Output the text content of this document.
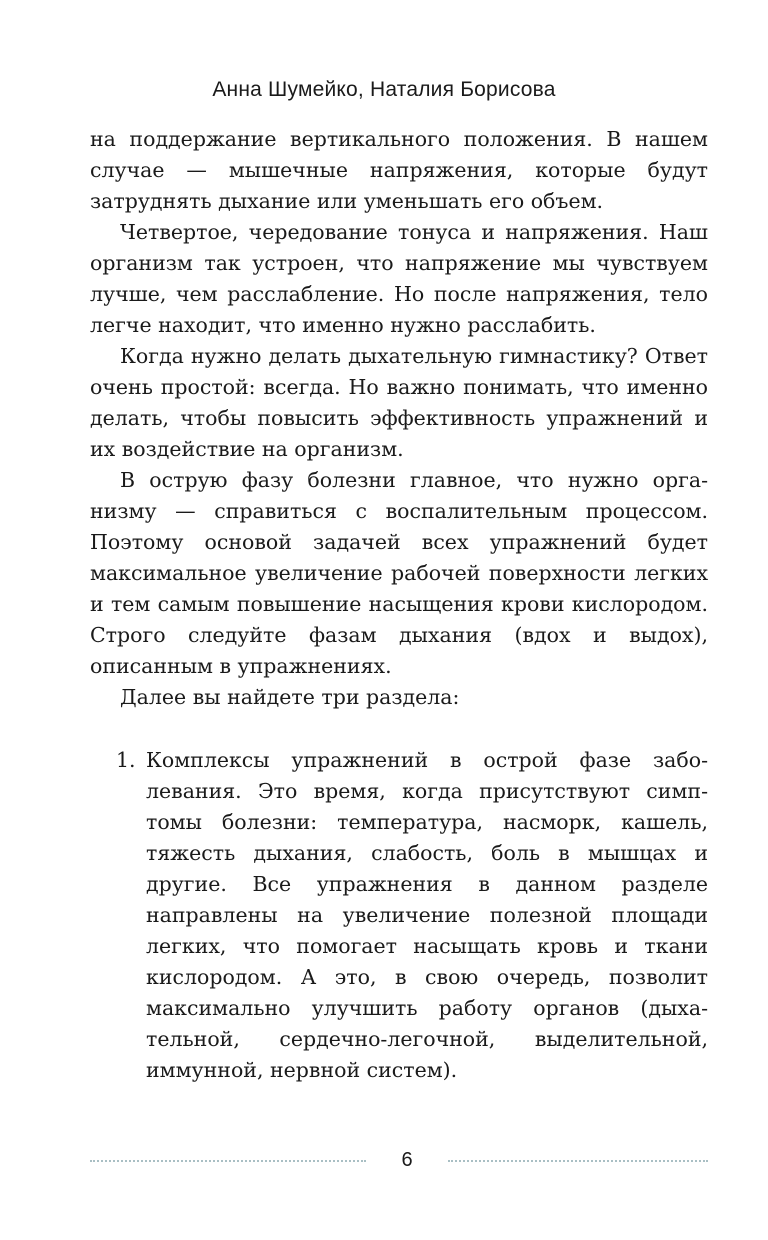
Анна Шумейко, Наталия Борисова

на поддержание вертикального положения. В нашем случае — мышечные напряжения, которые будут затруднять дыхание или уменьшать его объем.

Четвертое, чередование тонуса и напряжения. Наш организм так устроен, что напряжение мы чувствуем лучше, чем расслабление. Но после напряжения, тело легче находит, что именно нужно расслабить.

Когда нужно делать дыхательную гимнастику? Ответ очень простой: всегда. Но важно понимать, что именно делать, чтобы повысить эффективность упражнений и их воздействие на организм.

В острую фазу болезни главное, что нужно организму — справиться с воспалительным процессом. Поэтому основой задачей всех упражнений будет максимальное увеличение рабочей поверхности легких и тем самым повышение насыщения крови кислородом. Строго следуйте фазам дыхания (вдох и выдох), описанным в упражнениях.

Далее вы найдете три раздела:

1. Комплексы упражнений в острой фазе заболевания. Это время, когда присутствуют симптомы болезни: температура, насморк, кашель, тяжесть дыхания, слабость, боль в мышцах и другие. Все упражнения в данном разделе направлены на увеличение полезной площади легких, что помогает насыщать кровь и ткани кислородом. А это, в свою очередь, позволит максимально улучшить работу органов (дыхательной, сердечно-легочной, выделительной, иммунной, нервной систем).
6
